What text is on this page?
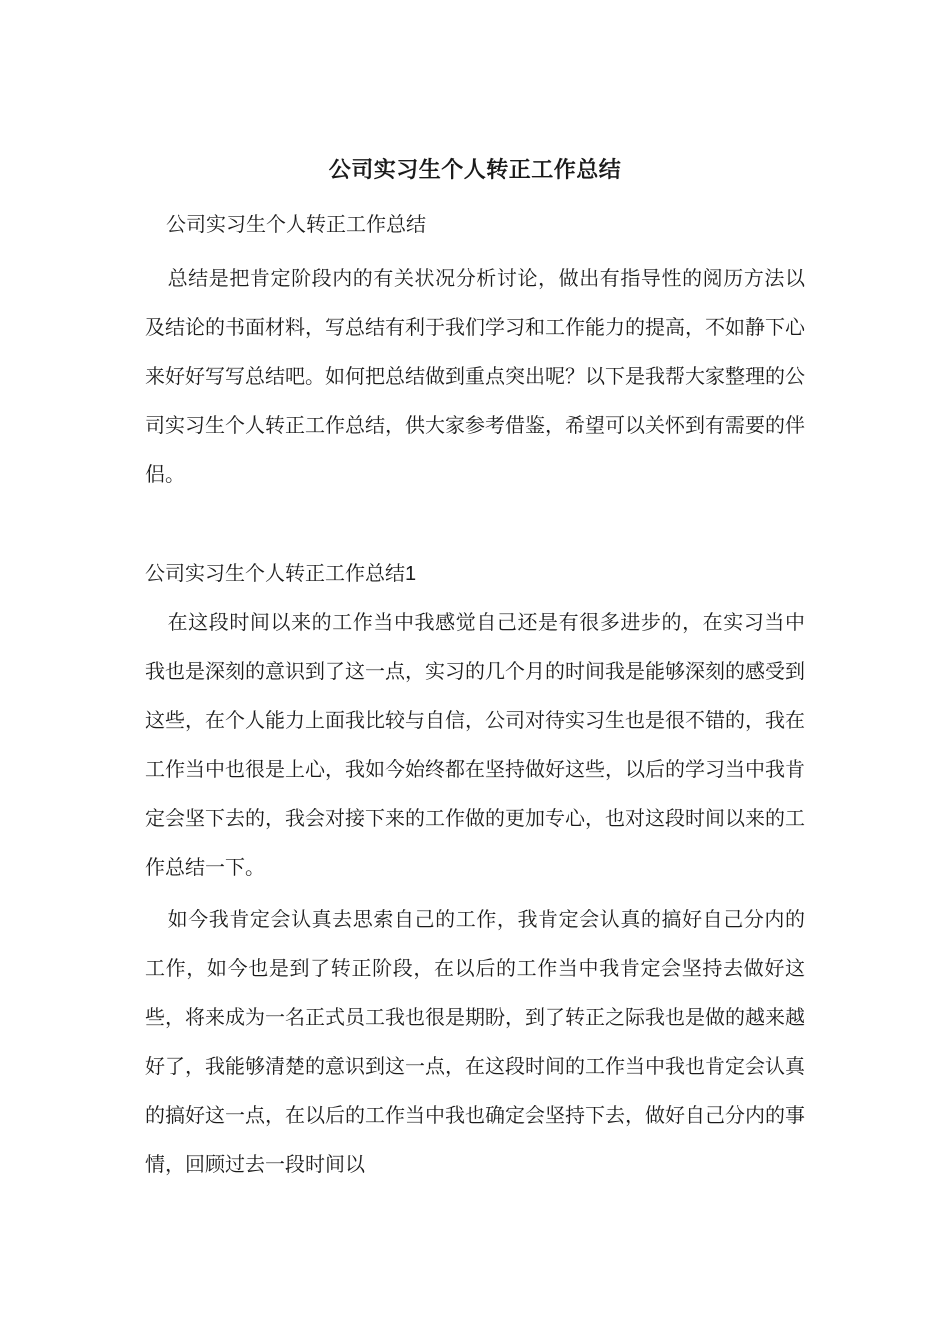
公司实习生个人转正工作总结
公司实习生个人转正工作总结

总结是把肯定阶段内的有关状况分析讨论，做出有指导性的阅历方法以及结论的书面材料，写总结有利于我们学习和工作能力的提高，不如静下心来好好写写总结吧。如何把总结做到重点突出呢？以下是我帮大家整理的公司实习生个人转正工作总结，供大家参考借鉴，希望可以关怀到有需要的伴侣。

公司实习生个人转正工作总结1

在这段时间以来的工作当中我感觉自己还是有很多进步的，在实习当中我也是深刻的意识到了这一点，实习的几个月的时间我是能够深刻的感受到这些，在个人能力上面我比较与自信，公司对待实习生也是很不错的，我在工作当中也很是上心，我如今始终都在坚持做好这些，以后的学习当中我肯定会坚下去的，我会对接下来的工作做的更加专心，也对这段时间以来的工作总结一下。

如今我肯定会认真去思索自己的工作，我肯定会认真的搞好自己分内的工作，如今也是到了转正阶段，在以后的工作当中我肯定会坚持去做好这些，将来成为一名正式员工我也很是期盼，到了转正之际我也是做的越来越好了，我能够清楚的意识到这一点，在这段时间的工作当中我也肯定会认真的搞好这一点，在以后的工作当中我也确定会坚持下去，做好自己分内的事情，回顾过去一段时间以
